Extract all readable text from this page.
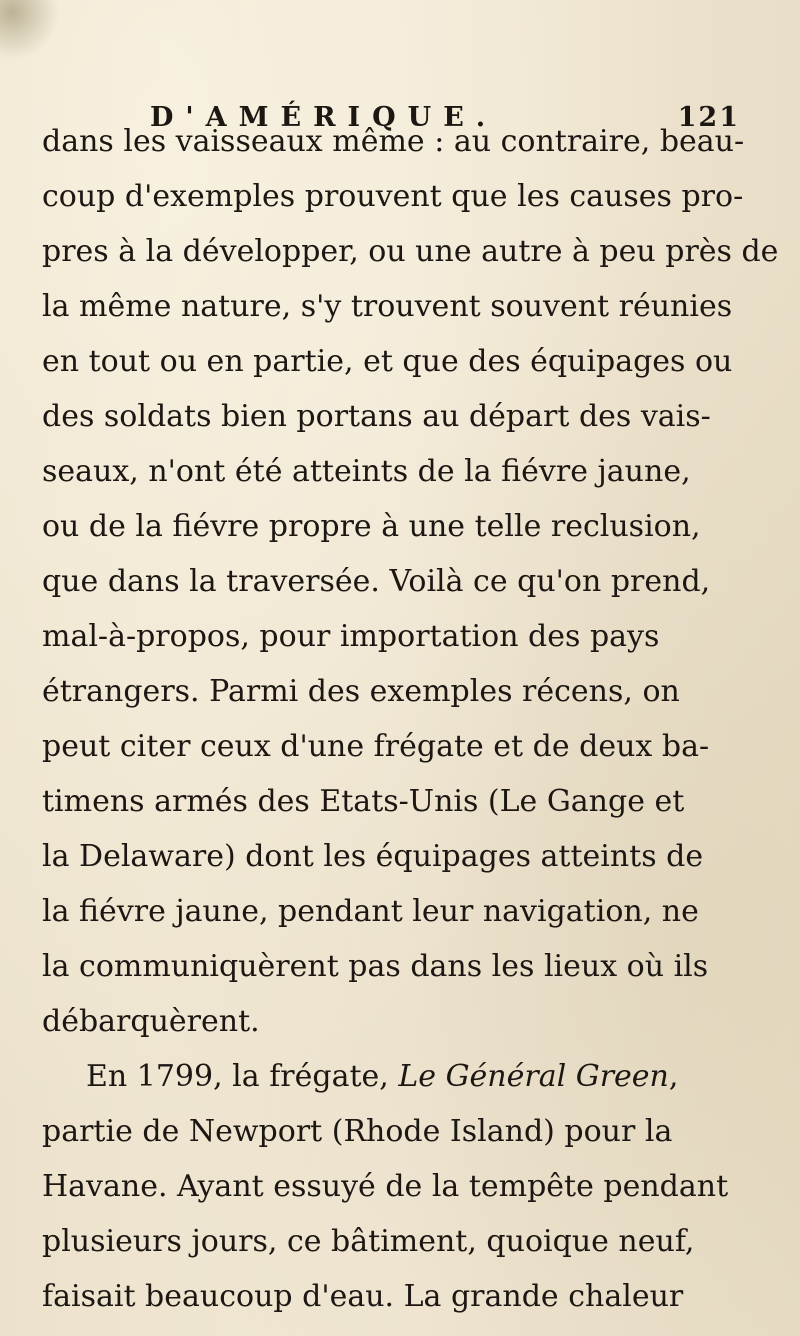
D'AMÉRIQUE.	121
dans les vaisseaux même : au contraire, beau-
coup d'exemples prouvent que les causes pro-
pres à la développer, ou une autre à peu près de
la même nature, s'y trouvent souvent réunies
en tout ou en partie, et que des équipages ou
des soldats bien portans au départ des vais-
seaux, n'ont été atteints de la fiévre jaune,
ou de la fiévre propre à une telle reclusion,
que dans la traversée. Voilà ce qu'on prend,
mal-à-propos, pour importation des pays
étrangers. Parmi des exemples récens, on
peut citer ceux d'une frégate et de deux ba-
timens armés des Etats-Unis (Le Gange et
la Delaware) dont les équipages atteints de
la fiévre jaune, pendant leur navigation, ne
la communiquèrent pas dans les lieux où ils
débarquèrent.
En 1799, la frégate, Le Général Green,
partie de Newport (Rhode Island) pour la
Havane. Ayant essuyé de la tempête pendant
plusieurs jours, ce bâtiment, quoique neuf,
faisait beaucoup d'eau. La grande chaleur
